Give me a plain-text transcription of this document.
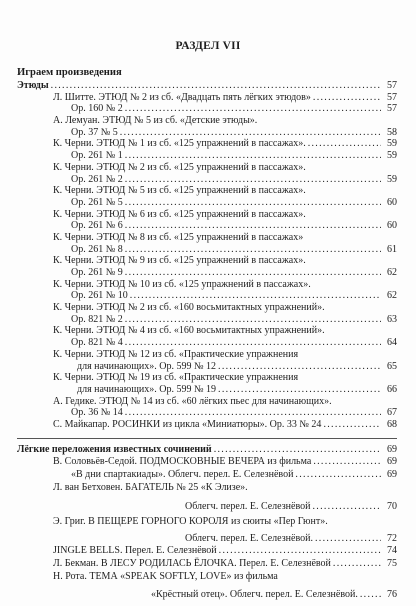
РАЗДЕЛ VII
Играем произведения
Этюды . . .	57
Л. Шитте. ЭТЮД № 2 из сб. «Двадцать пять лёгких этюдов» . . .	57
Ор. 160 № 2 . . .	57
А. Лемуан. ЭТЮД № 5 из сб. «Детские этюды».
Ор. 37 № 5 . . .	58
К. Черни. ЭТЮД № 1 из сб. «125 упражнений в пассажах». . . .	59
Ор. 261 № 1 . . .	59
К. Черни. ЭТЮД № 2 из сб. «125 упражнений в пассажах».
Ор. 261 № 2 . . .	59
К. Черни. ЭТЮД № 5 из сб. «125 упражнений в пассажах».
Ор. 261 № 5 . . .	60
К. Черни. ЭТЮД № 6 из сб. «125 упражнений в пассажах».
Ор. 261 № 6 . . .	60
К. Черни. ЭТЮД № 8 из сб. «125 упражнений в пассажах»
Ор. 261 № 8 . . .	61
К. Черни. ЭТЮД № 9 из сб. «125 упражнений в пассажах».
Ор. 261 № 9 . . .	62
К. Черни. ЭТЮД № 10 из сб. «125 упражнений в пассажах».
Ор. 261 № 10 . . .	62
К. Черни. ЭТЮД № 2 из сб. «160 восьмитактных упражнений».
Ор. 821 № 2 . . .	63
К. Черни. ЭТЮД № 4 из сб. «160 восьмитактных упражнений».
Ор. 821 № 4 . . .	64
К. Черни. ЭТЮД № 12 из сб. «Практические упражнения
для начинающих». Ор. 599 № 12 . . .	65
К. Черни. ЭТЮД № 19 из сб. «Практические упражнения
для начинающих». Ор. 599 № 19 . . .	66
А. Гедике. ЭТЮД № 14 из сб. «60 лёгких пьес для начинающих».
Ор. 36 № 14 . . .	67
С. Майкапар. РОСИНКИ из цикла «Миниатюры». Ор. 33 № 24 . . .	68
Лёгкие переложения известных сочинений . . .	69
В. Соловьёв-Седой. ПОДМОСКОВНЫЕ ВЕЧЕРА из фильма . . .	69
«В дни спартакиады». Облегч. перел. Е. Селезнёвой . . .	69
Л. ван Бетховен. БАГАТЕЛЬ № 25 «К Элизе».
Облегч. перел. Е. Селезнёвой . . .	70
Э. Григ. В ПЕЩЕРЕ ГОРНОГО КОРОЛЯ из сюиты «Пер Гюнт».
Облегч. перел. Е. Селезнёвой. . . .	72
JINGLE BELLS. Перел. Е. Селезнёвой . . .	74
Л. Бекман. В ЛЕСУ РОДИЛАСЬ ЁЛОЧКА. Перел. Е. Селезнёвой . . .	75
Н. Рота. ТЕМА «SPEAK SOFTLY, LOVE» из фильма
«Крёстный отец». Облегч. перел. Е. Селезнёвой. . . .	76
